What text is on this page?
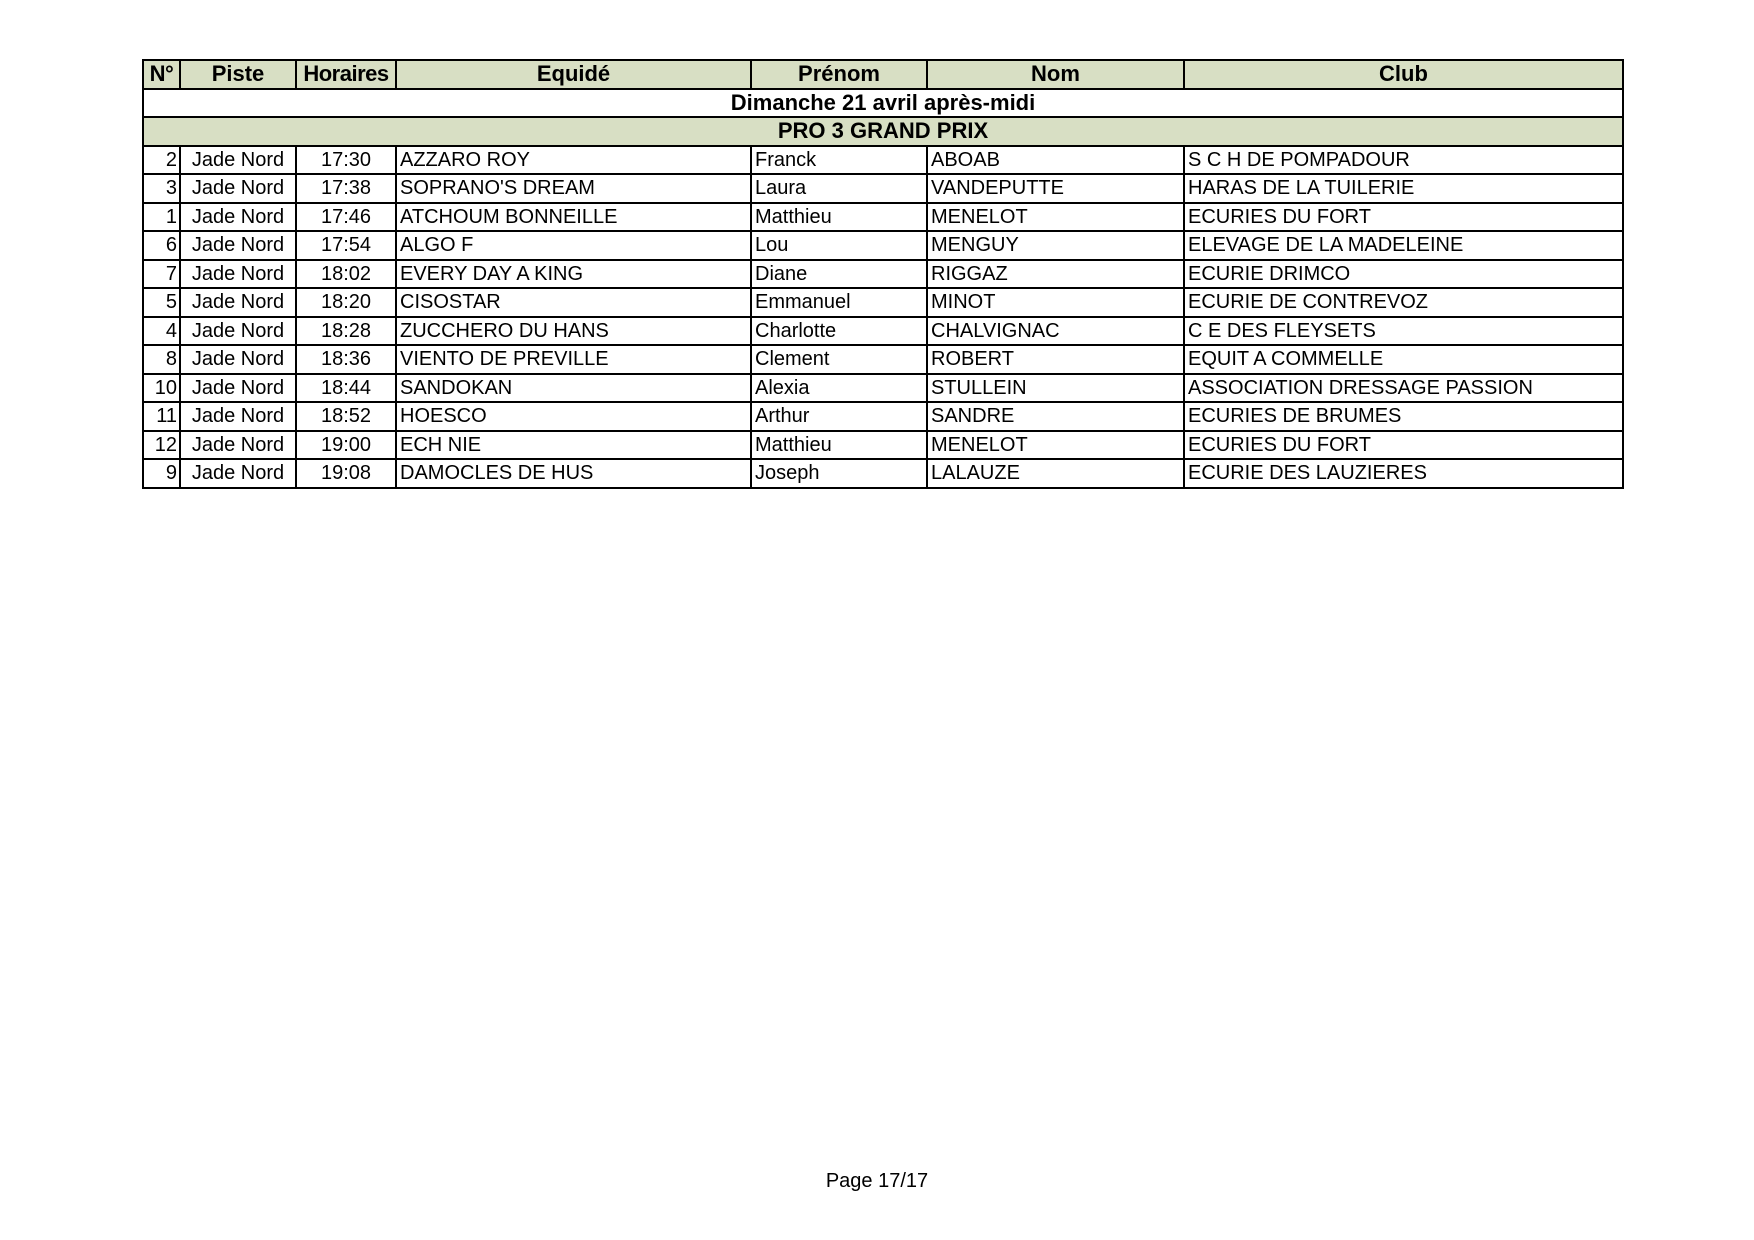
N°	Piste	Horaires	Equidé	Prénom	Nom	Club
Dimanche 21 avril après-midi						
PRO 3 GRAND PRIX						
2	Jade Nord	17:30	AZZARO ROY	Franck	ABOAB	S C H DE POMPADOUR
3	Jade Nord	17:38	SOPRANO'S DREAM	Laura	VANDEPUTTE	HARAS DE LA TUILERIE
1	Jade Nord	17:46	ATCHOUM BONNEILLE	Matthieu	MENELOT	ECURIES DU FORT
6	Jade Nord	17:54	ALGO F	Lou	MENGUY	ELEVAGE DE LA MADELEINE
7	Jade Nord	18:02	EVERY DAY A KING	Diane	RIGGAZ	ECURIE DRIMCO
5	Jade Nord	18:20	CISOSTAR	Emmanuel	MINOT	ECURIE DE CONTREVOZ
4	Jade Nord	18:28	ZUCCHERO DU HANS	Charlotte	CHALVIGNAC	C E DES FLEYSETS
8	Jade Nord	18:36	VIENTO DE PREVILLE	Clement	ROBERT	EQUIT A COMMELLE
10	Jade Nord	18:44	SANDOKAN	Alexia	STULLEIN	ASSOCIATION DRESSAGE PASSION
11	Jade Nord	18:52	HOESCO	Arthur	SANDRE	ECURIES DE BRUMES
12	Jade Nord	19:00	ECH NIE	Matthieu	MENELOT	ECURIES DU FORT
9	Jade Nord	19:08	DAMOCLES DE HUS	Joseph	LALAUZE	ECURIE DES LAUZIERES
Page 17/17
